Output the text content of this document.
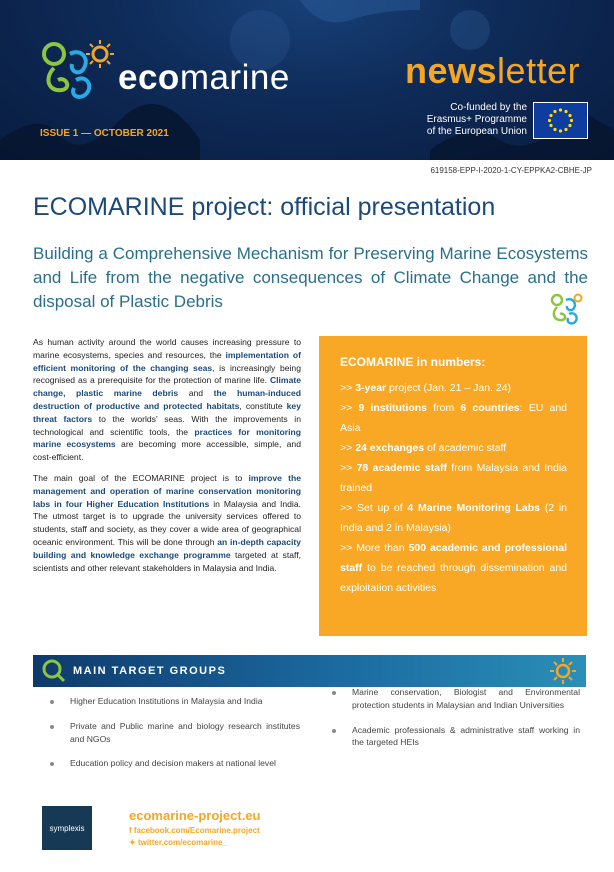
ecomarine	newsletter
Co-funded by the
Erasmus+ Programme
of the European Union
ISSUE 1 — OCTOBER 2021
619158-EPP-I-2020-1-CY-EPPKA2-CBHE-JP
ECOMARINE project: official presentation
Building a Comprehensive Mechanism for Preserving Marine Ecosystems and Life from the negative consequences of Climate Change and the disposal of Plastic Debris

As human activity around the world causes increasing pressure to marine ecosystems, species and resources, the implementation of efficient monitoring of the changing seas, is increasingly being recognised as a prerequisite for the protection of marine life. Climate change, plastic marine debris and the human-induced destruction of productive and protected habitats, constitute key threat factors to the worlds' seas. With the improvements in technological and scientific tools, the practices for monitoring marine ecosystems are becoming more accessible, simple, and cost-efficient.

The main goal of the ECOMARINE project is to improve the management and operation of marine conservation monitoring labs in four Higher Education Institutions in Malaysia and India. The utmost target is to upgrade the university services offered to students, staff and society, as they cover a wide area of geographical oceanic environment. This will be done through an in-depth capacity building and knowledge exchange programme targeted at staff, scientists and other relevant stakeholders in Malaysia and India.

ECOMARINE in numbers:
>> 3-year project (Jan. 21 – Jan. 24)
>> 9 institutions from 6 countries: EU and Asia
>> 24 exchanges of academic staff
>> 78 academic staff from Malaysia and India trained
>> Set up of 4 Marine Monitoring Labs (2 in India and 2 in Malaysia)
>> More than 500 academic and professional staff to be reached through dissemination and exploitation activities
MAIN TARGET GROUPS
Higher Education Institutions in Malaysia and India
Private and Public marine and biology research institutes and NGOs
Education policy and decision makers at national level
Marine conservation, Biologist and Environmental protection students in Malaysian and Indian Universities
Academic professionals & administrative staff working in the targeted HEIs
symplexis
ecomarine-project.eu
f facebook.com/Ecomarine.project
✦ twitter.com/ecomarine_
